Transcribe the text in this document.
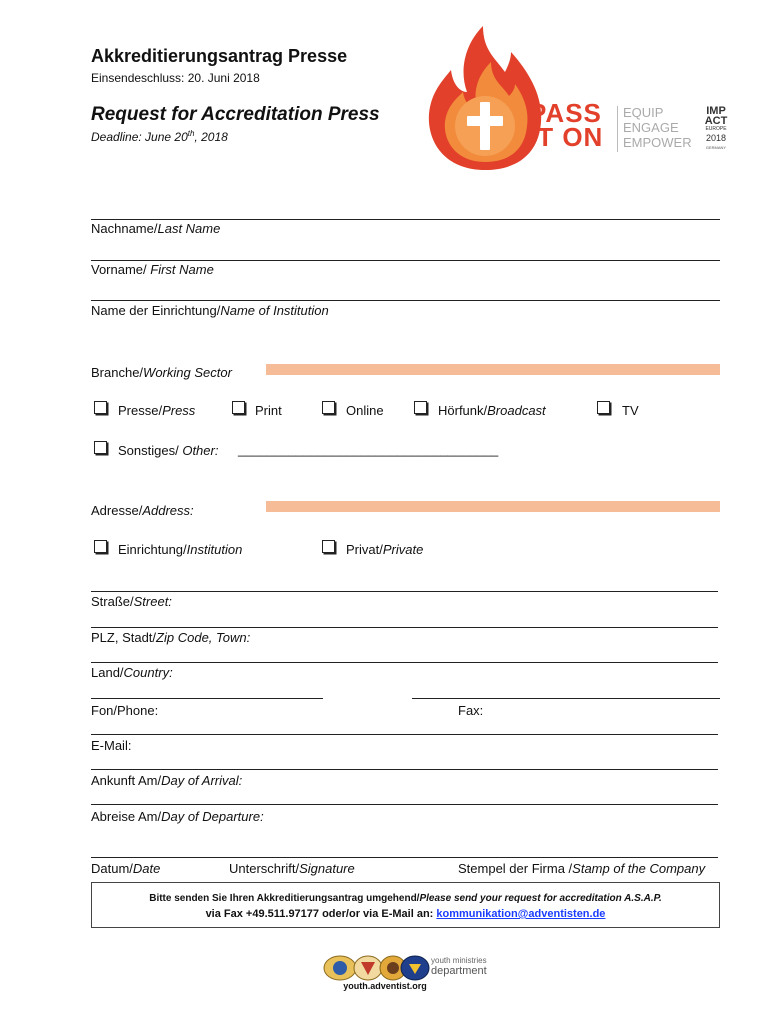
Akkreditierungsantrag Presse
Einsendeschluss: 20. Juni 2018
Request for Accreditation Press
Deadline: June 20th, 2018
PASS
IT ON
EQUIP
ENGAGE
EMPOWER
IMP
ACT
EUROPE
2018
GERMANY
Nachname/Last Name
Vorname/ First Name
Name der Einrichtung/Name of Institution
Branche/Working Sector
Presse/Press	Print	Online	Hörfunk/Broadcast	TV
Sonstiges/ Other: ____________________________________
Adresse/Address:
Einrichtung/Institution	Privat/Private
Straße/Street:
PLZ, Stadt/Zip Code, Town:
Land/Country:
Fon/Phone:	Fax:
E-Mail:
Ankunft Am/Day of Arrival:
Abreise Am/Day of Departure:
Datum/Date	Unterschrift/Signature	Stempel der Firma /Stamp of the Company
Bitte senden Sie Ihren Akkreditierungsantrag umgehend/Please send your request for accreditation A.S.A.P.
via Fax +49.511.97177 oder/or via E-Mail an: kommunikation@adventisten.de
youth ministries
department
youth.adventist.org
